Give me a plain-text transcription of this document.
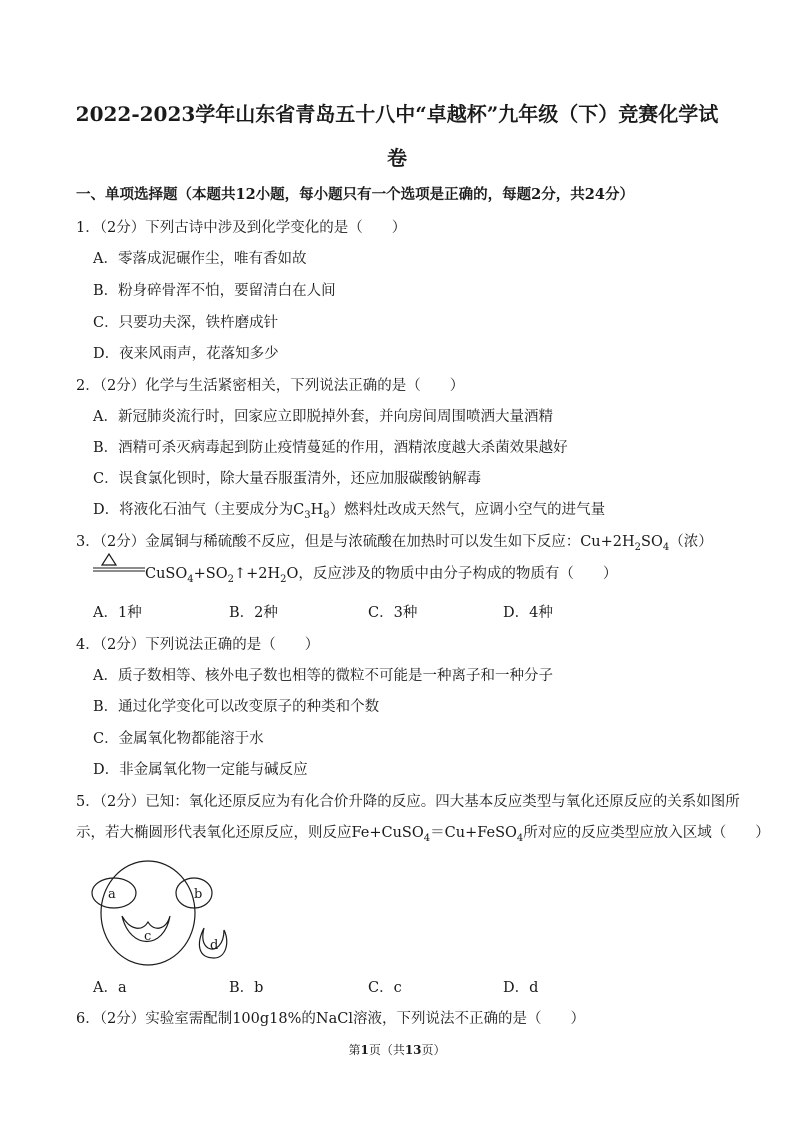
2022-2023学年山东省青岛五十八中“卓越杯”九年级（下）竞赛化学试
卷
一、单项选择题（本题共12小题，每小题只有一个选项是正确的，每题2分，共24分）
1．（2分）下列古诗中涉及到化学变化的是（　　）
A．零落成泥碾作尘，唯有香如故
B．粉身碎骨浑不怕，要留清白在人间
C．只要功夫深，铁杵磨成针
D．夜来风雨声，花落知多少
2．（2分）化学与生活紧密相关，下列说法正确的是（　　）
A．新冠肺炎流行时，回家应立即脱掉外套，并向房间周围喷洒大量酒精
B．酒精可杀灭病毒起到防止疫情蔓延的作用，酒精浓度越大杀菌效果越好
C．误食氯化钡时，除大量吞服蛋清外，还应加服碳酸钠解毒
D．将液化石油气（主要成分为$C_3H_8$）燃料灶改成天然气，应调小空气的进气量
3．（2分）金属铜与稀硫酸不反应，但是与浓硫酸在加热时可以发生如下反应：$Cu+2H_2SO_4$（浓）
$CuSO_4+SO_2↑+2H_2O$，反应涉及的物质中由分子构成的物质有（　　）
A．1种	B．2种	C．3种	D．4种
4．（2分）下列说法正确的是（　　）
A．质子数相等、核外电子数也相等的微粒不可能是一种离子和一种分子
B．通过化学变化可以改变原子的种类和个数
C．金属氧化物都能溶于水
D．非金属氧化物一定能与碱反应
5．（2分）已知：氧化还原反应为有化合价升降的反应。四大基本反应类型与氧化还原反应的关系如图所
示，若大椭圆形代表氧化还原反应，则反应Fe+CuSO$_4$＝Cu+FeSO$_4$所对应的反应类型应放入区域（　　）
a	b
c
d
A．a	B．b	C．c	D．d
6．（2分）实验室需配制100g18%的NaCl溶液，下列说法不正确的是（　　）
第1页（共13页）
